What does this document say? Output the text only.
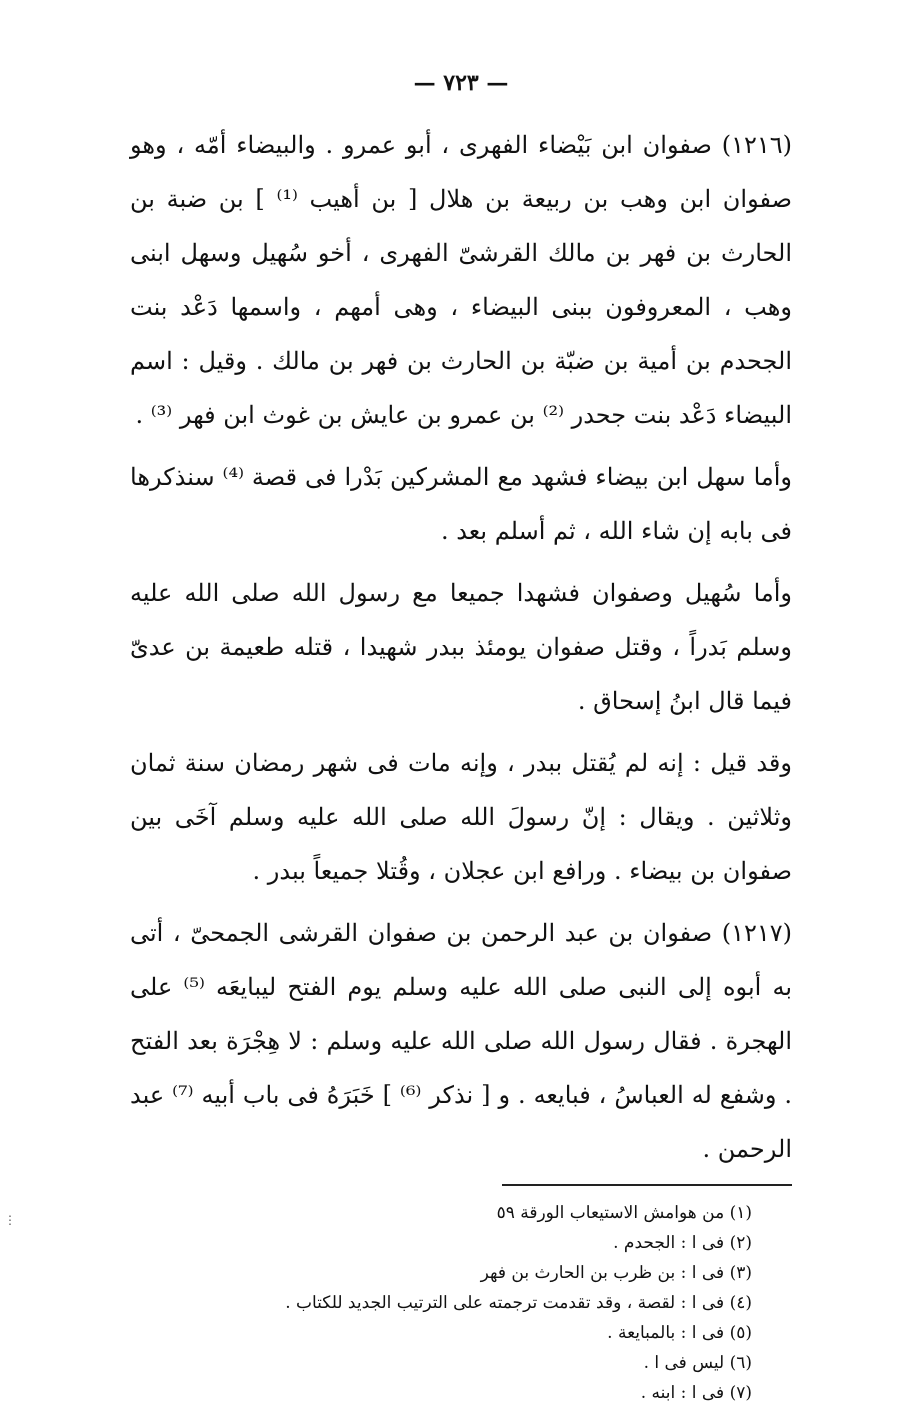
— ٧٢٣ —

(١٢١٦) صفوان ابن بَيْضاء الفهرى ، أبو عمرو . والبيضاء أمّه ، وهو صفوان ابن وهب بن ربيعة بن هلال [ بن أهيب ⁽¹⁾ ] بن ضبة بن الحارث بن فهر بن مالك القرشىّ الفهرى ، أخو سُهيل وسهل ابنى وهب ، المعروفون ببنى البيضاء ، وهى أمهم ، واسمها دَعْد بنت الجحدم بن أمية بن ضبّة بن الحارث بن فهر بن مالك . وقيل : اسم البيضاء دَعْد بنت جحدر ⁽²⁾ بن عمرو بن عايش بن غوث ابن فهر ⁽³⁾ .

وأما سهل ابن بيضاء فشهد مع المشركين بَدْرا فى قصة ⁽⁴⁾ سنذكرها فى بابه إن شاء الله ، ثم أسلم بعد .

وأما سُهيل وصفوان فشهدا جميعا مع رسول الله صلى الله عليه وسلم بَدراً ، وقتل صفوان يومئذ ببدر شهيدا ، قتله طعيمة بن عدىّ فيما قال ابنُ إسحاق .

وقد قيل : إنه لم يُقتل ببدر ، وإنه مات فى شهر رمضان سنة ثمان وثلاثين . ويقال : إنّ رسولَ الله صلى الله عليه وسلم آخَى بين صفوان بن بيضاء . ورافع ابن عجلان ، وقُتلا جميعاً ببدر .

(١٢١٧) صفوان بن عبد الرحمن بن صفوان القرشى الجمحىّ ، أتى به أبوه إلى النبى صلى الله عليه وسلم يوم الفتح ليبايعَه ⁽⁵⁾ على الهجرة . فقال رسول الله صلى الله عليه وسلم : لا هِجْرَة بعد الفتح . وشفع له العباسُ ، فبايعه . و [ نذكر ⁽⁶⁾ ] خَبَرَهُ فى باب أبيه ⁽⁷⁾ عبد الرحمن .

(١) من هوامش الاستيعاب الورقة ٥٩
(٢) فى ا : الجحدم .
(٣) فى ا : بن ظرب بن الحارث بن فهر
(٤) فى ا : لقصة ، وقد تقدمت ترجمته على الترتيب الجديد للكتاب .
(٥) فى ا : بالمبايعة .
(٦) ليس فى ا .
(٧) فى ا : ابنه .
⋮
